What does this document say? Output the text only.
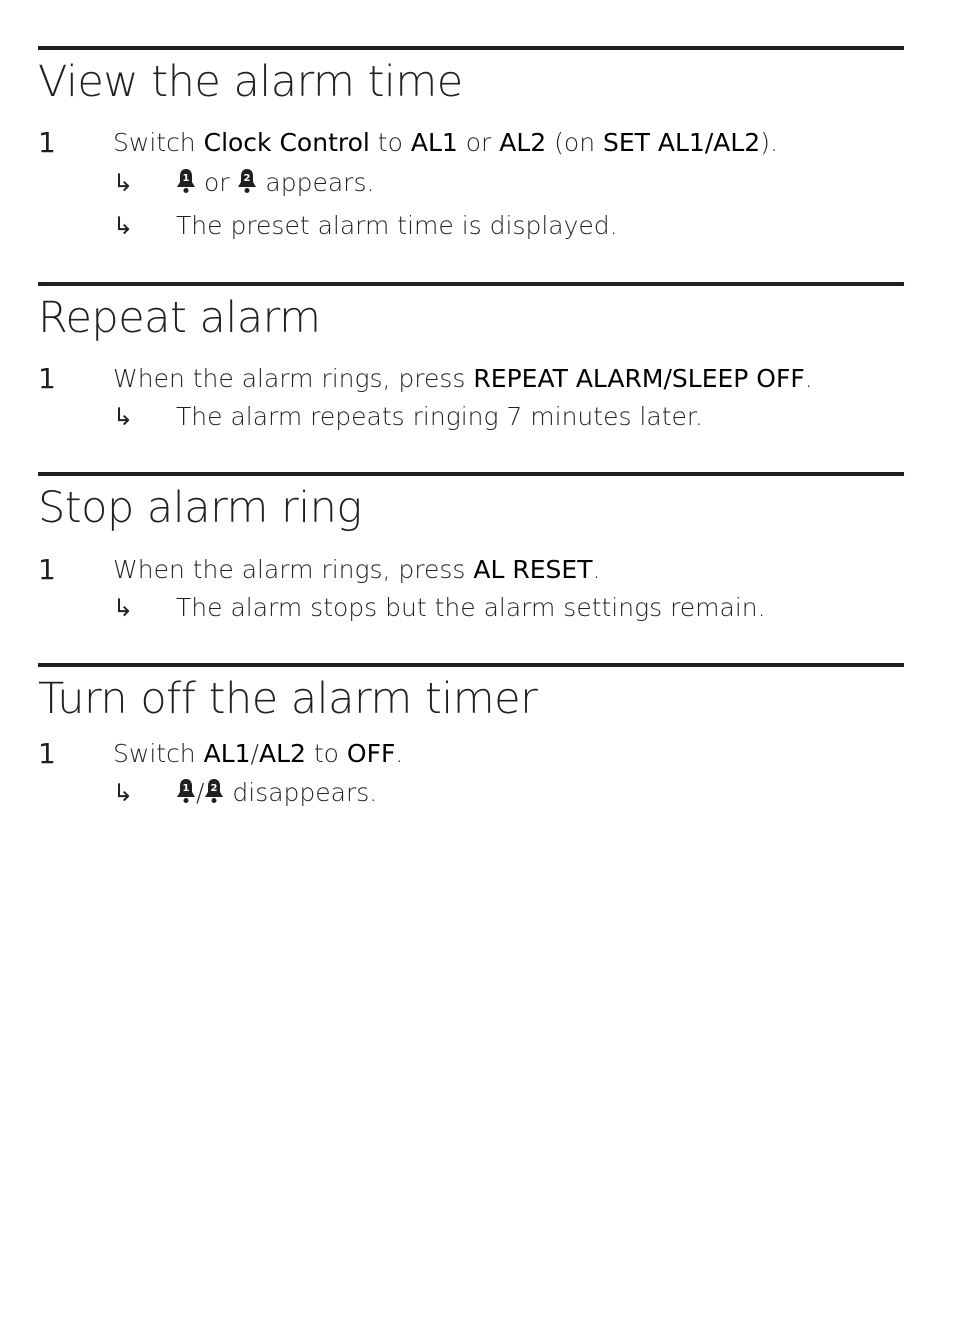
View the alarm time
1 Switch Clock Control to AL1 or AL2 (on SET AL1/AL2).
↳	1 or 2 appears.
↳ The preset alarm time is displayed.
Repeat alarm
1 When the alarm rings, press REPEAT ALARM/SLEEP OFF.
↳ The alarm repeats ringing 7 minutes later.
Stop alarm ring
1 When the alarm rings, press AL RESET.
↳ The alarm stops but the alarm settings remain.
Turn off the alarm timer
1 Switch AL1/AL2 to OFF.
↳	1 / 2 disappears.
